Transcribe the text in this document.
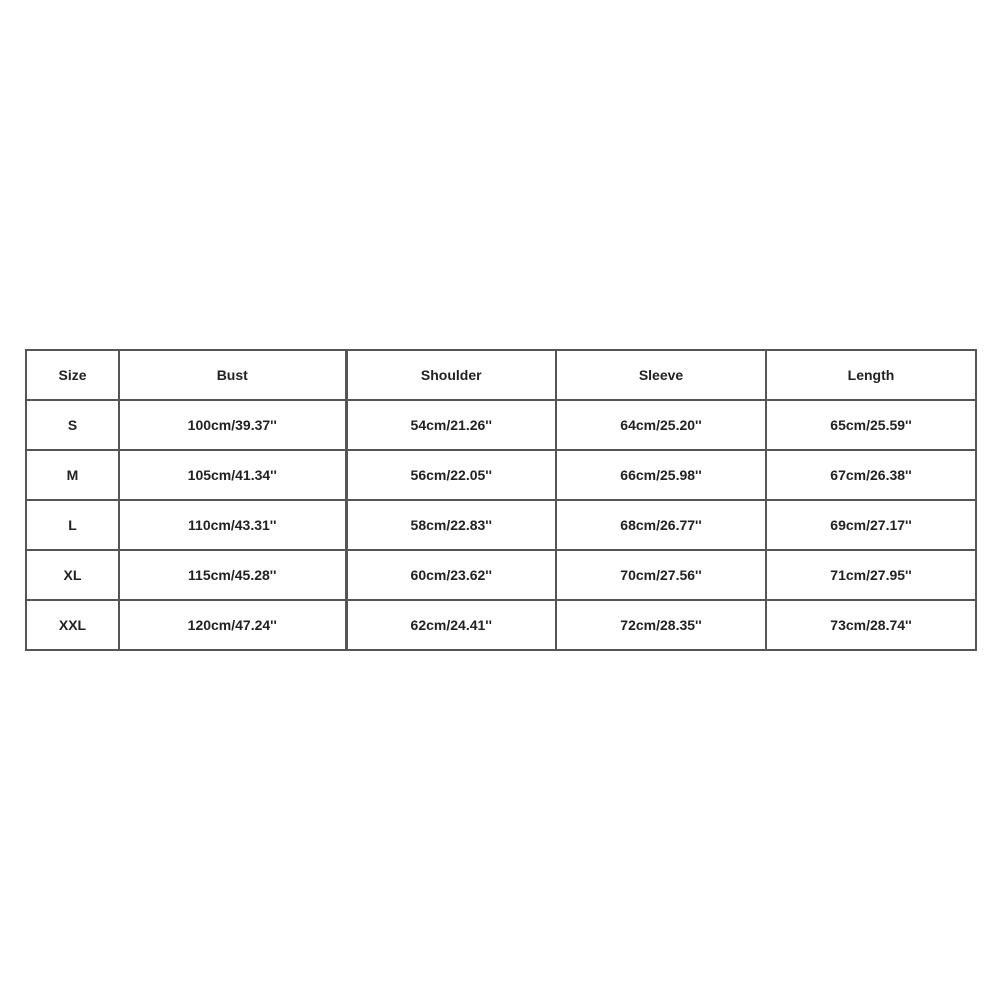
Size	Bust	Shoulder	Sleeve	Length
S	100cm/39.37''	54cm/21.26''	64cm/25.20''	65cm/25.59''
M	105cm/41.34''	56cm/22.05''	66cm/25.98''	67cm/26.38''
L	110cm/43.31''	58cm/22.83''	68cm/26.77''	69cm/27.17''
XL	115cm/45.28''	60cm/23.62''	70cm/27.56''	71cm/27.95''
XXL	120cm/47.24''	62cm/24.41''	72cm/28.35''	73cm/28.74''
